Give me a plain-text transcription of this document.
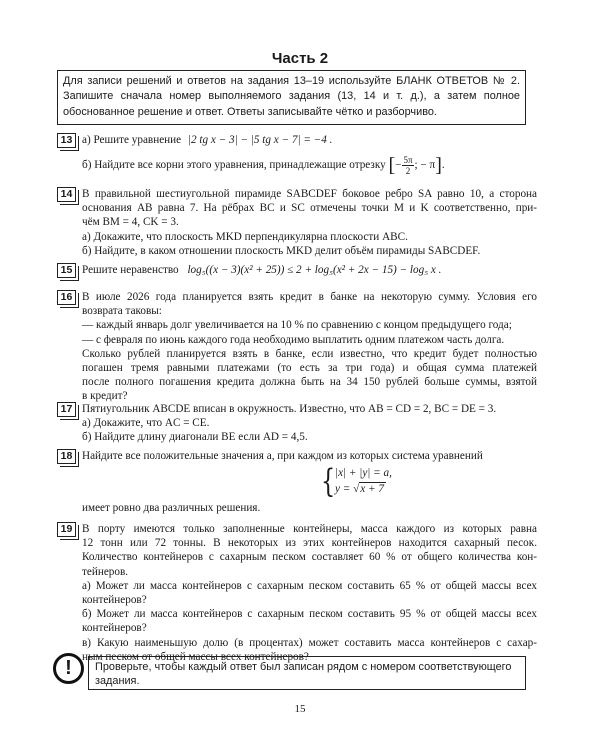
Часть 2
Для записи решений и ответов на задания 13–19 используйте БЛАНК ОТВЕТОВ № 2. Запишите сначала номер выполняемого задания (13, 14 и т. д.), а затем полное обоснованное решение и ответ. Ответы записывайте чётко и разборчиво.
13 а) Решите уравнение |2 tg x − 3| − |5 tg x − 7| = −4 .
б) Найдите все корни этого уравнения, принадлежащие отрезку [− $\frac{5\pi}{2}$ ; − π].
14 В правильной шестиугольной пирамиде SABCDEF боковое ребро SA равно 10, а сторона
основания AB равна 7. На рёбрах BC и SC отмечены точки M и K соответственно, при-
чём BM = 4, CK = 3.
а) Докажите, что плоскость MKD перпендикулярна плоскости ABC.
б) Найдите, в каком отношении плоскость MKD делит объём пирамиды SABCDEF.
15 Решите неравенство log₅((x − 3)(x² + 25)) ≤ 2 + log₅(x² + 2x − 15) − log₅ x .
16 В июле 2026 года планируется взять кредит в банке на некоторую сумму. Условия его
возврата таковы:
— каждый январь долг увеличивается на 10 % по сравнению с концом предыдущего года;
— с февраля по июнь каждого года необходимо выплатить одним платежом часть долга.
Сколько рублей планируется взять в банке, если известно, что кредит будет полностью
погашен тремя равными платежами (то есть за три года) и общая сумма платежей
после полного погашения кредита должна быть на 34 150 рублей больше суммы, взятой
в кредит?
17 Пятиугольник ABCDE вписан в окружность. Известно, что AB = CD = 2, BC = DE = 3.
а) Докажите, что AC = CE.
б) Найдите длину диагонали BE если AD = 4,5.
18 Найдите все положительные значения a, при каждом из которых система уравнений
{ |x| + |y| = a,
y = √x + 7
имеет ровно два различных решения.
19 В порту имеются только заполненные контейнеры, масса каждого из которых равна
12 тонн или 72 тонны. В некоторых из этих контейнеров находится сахарный песок.
Количество контейнеров с сахарным песком составляет 60 % от общего количества кон-
тейнеров.
а) Может ли масса контейнеров с сахарным песком составить 65 % от общей массы всех
контейнеров?
б) Может ли масса контейнеров с сахарным песком составить 95 % от общей массы всех
контейнеров?
в) Какую наименьшую долю (в процентах) может составить масса контейнеров с сахар-
ным песком от общей массы всех контейнеров?
!	Проверьте, чтобы каждый ответ был записан рядом с номером соответствующего задания.
15
